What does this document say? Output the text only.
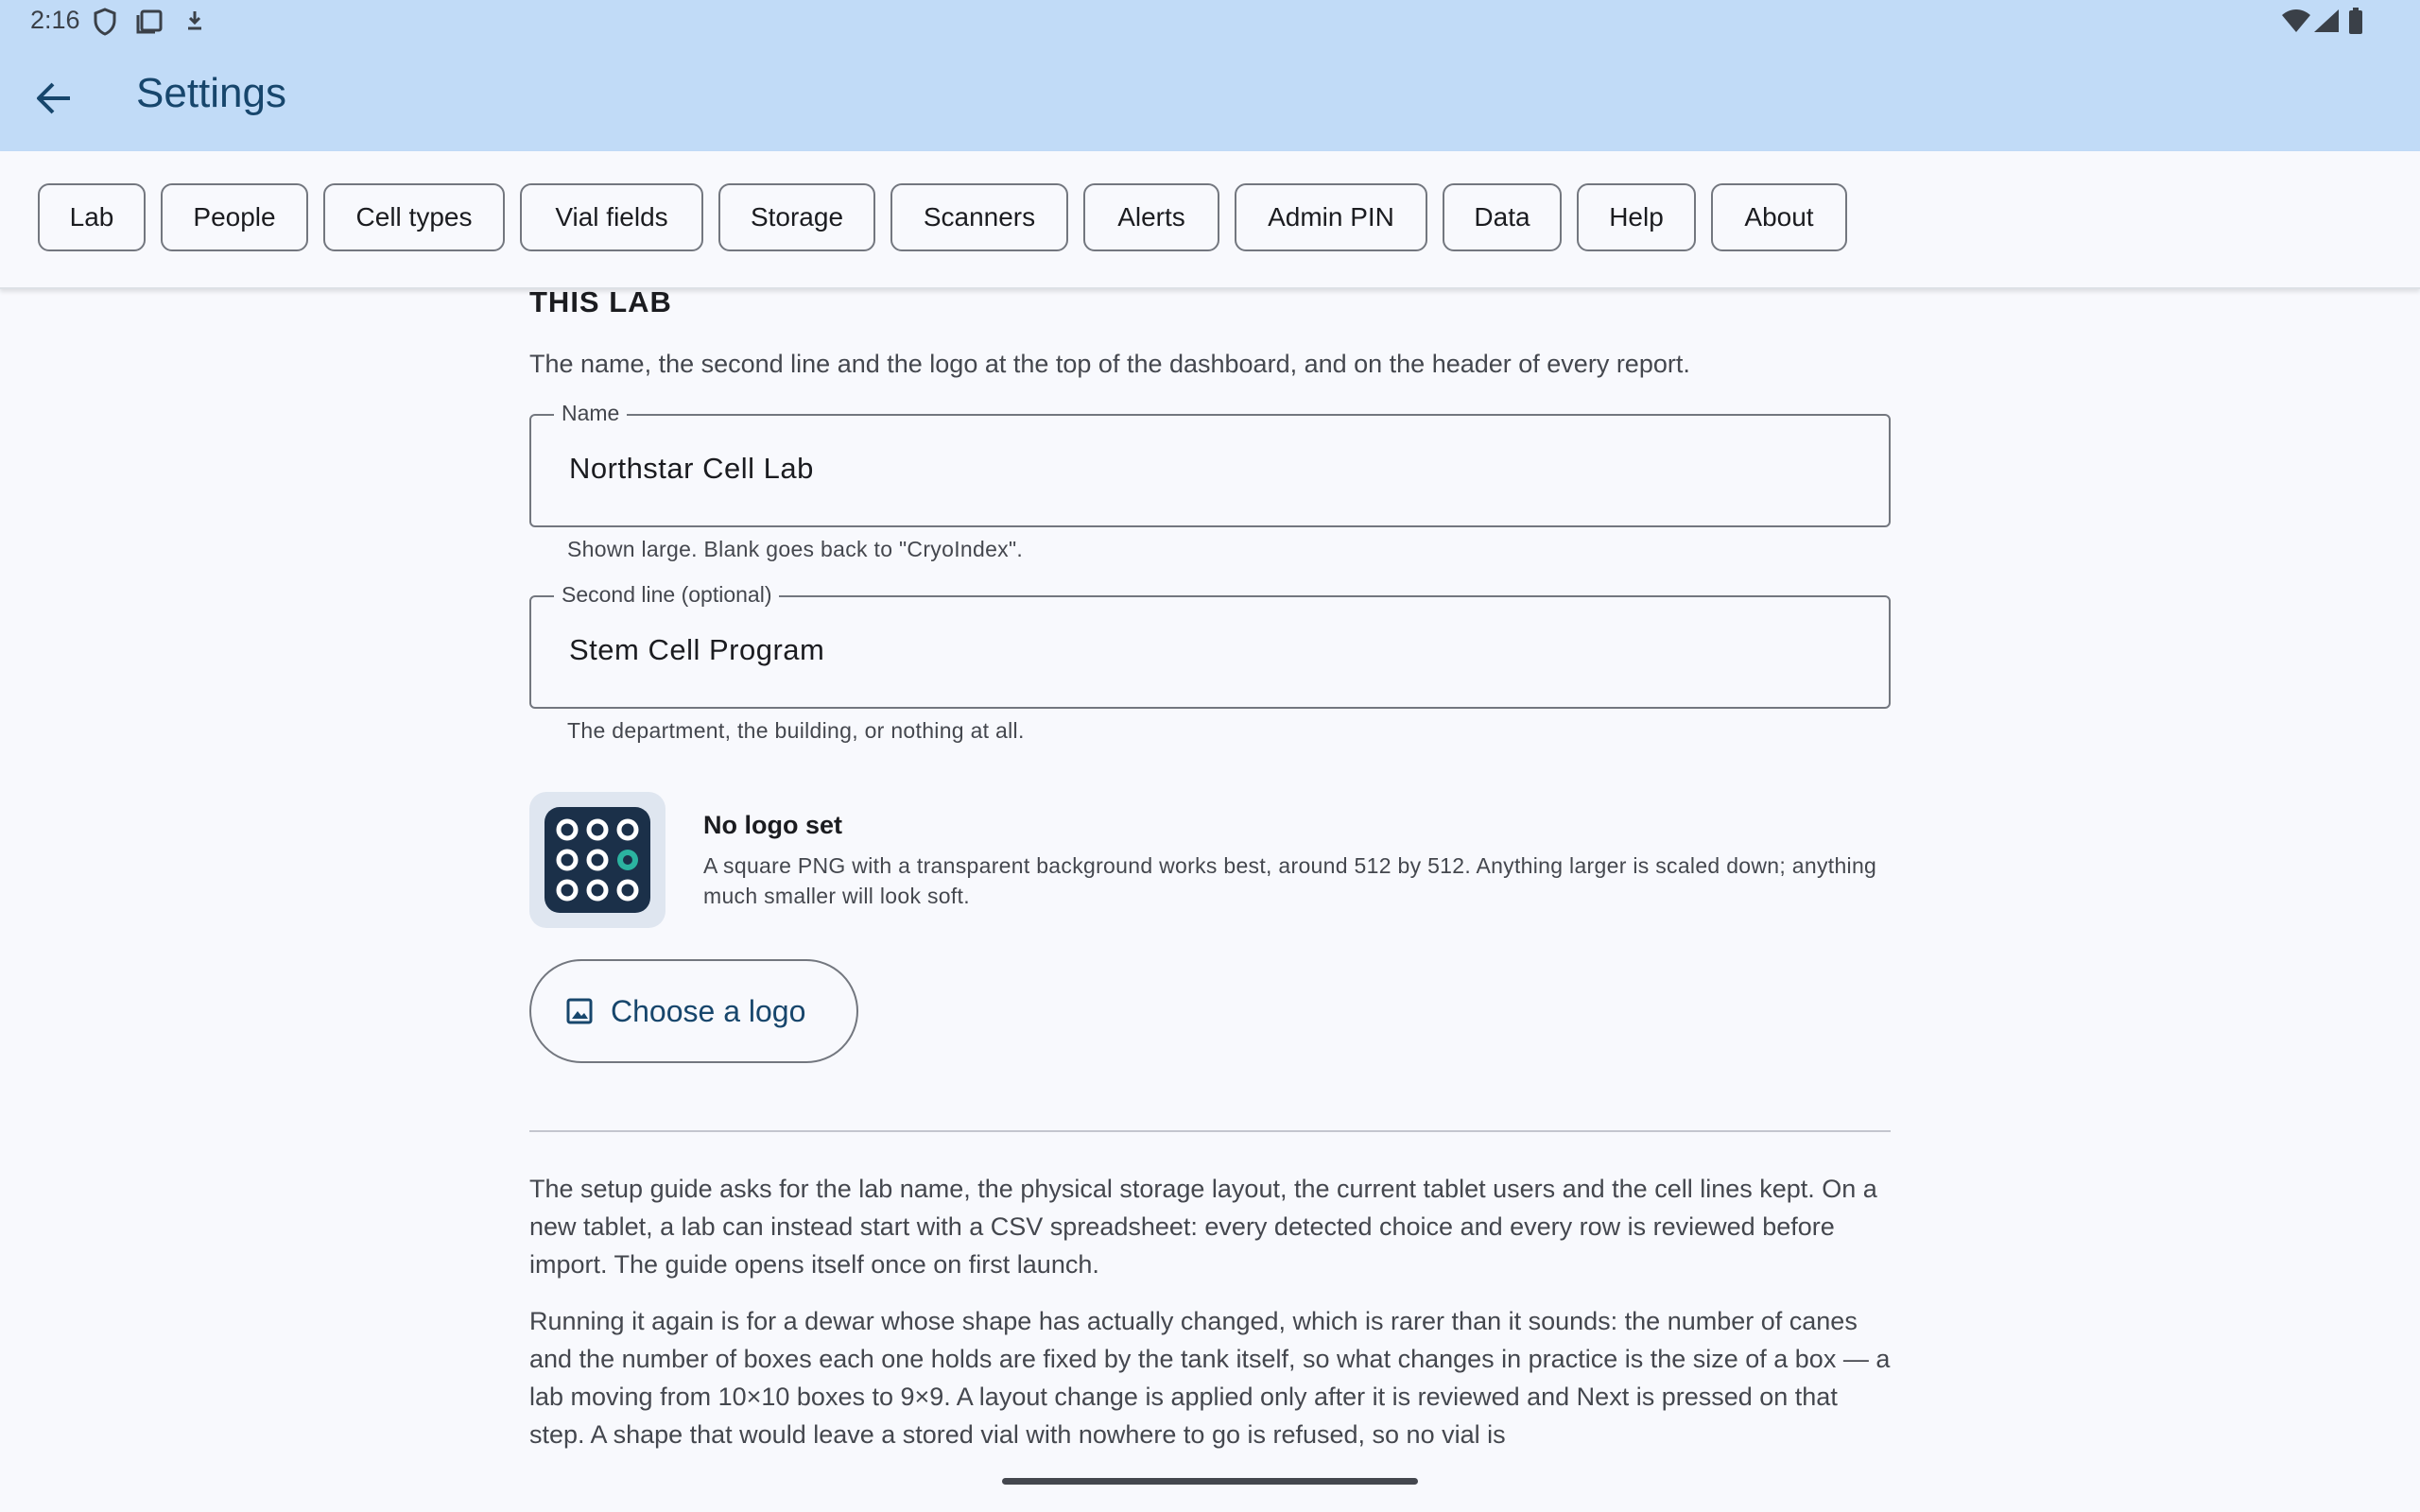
2:16
Settings
Lab	People	Cell types	Vial fields	Storage	Scanners	Alerts	Admin PIN	Data	Help	About
THIS LAB
The name, the second line and the logo at the top of the dashboard, and on the header of every report.
Name
Northstar Cell Lab
Shown large. Blank goes back to "CryoIndex".
Second line (optional)
Stem Cell Program
The department, the building, or nothing at all.
No logo set
A square PNG with a transparent background works best, around 512 by 512. Anything larger is scaled down; anything much smaller will look soft.
Choose a logo
The setup guide asks for the lab name, the physical storage layout, the current tablet users and the cell lines kept. On a new tablet, a lab can instead start with a CSV spreadsheet: every detected choice and every row is reviewed before import. The guide opens itself once on first launch.
Running it again is for a dewar whose shape has actually changed, which is rarer than it sounds: the number of canes and the number of boxes each one holds are fixed by the tank itself, so what changes in practice is the size of a box — a lab moving from 10×10 boxes to 9×9. A layout change is applied only after it is reviewed and Next is pressed on that step. A shape that would leave a stored vial with nowhere to go is refused, so no vial is
